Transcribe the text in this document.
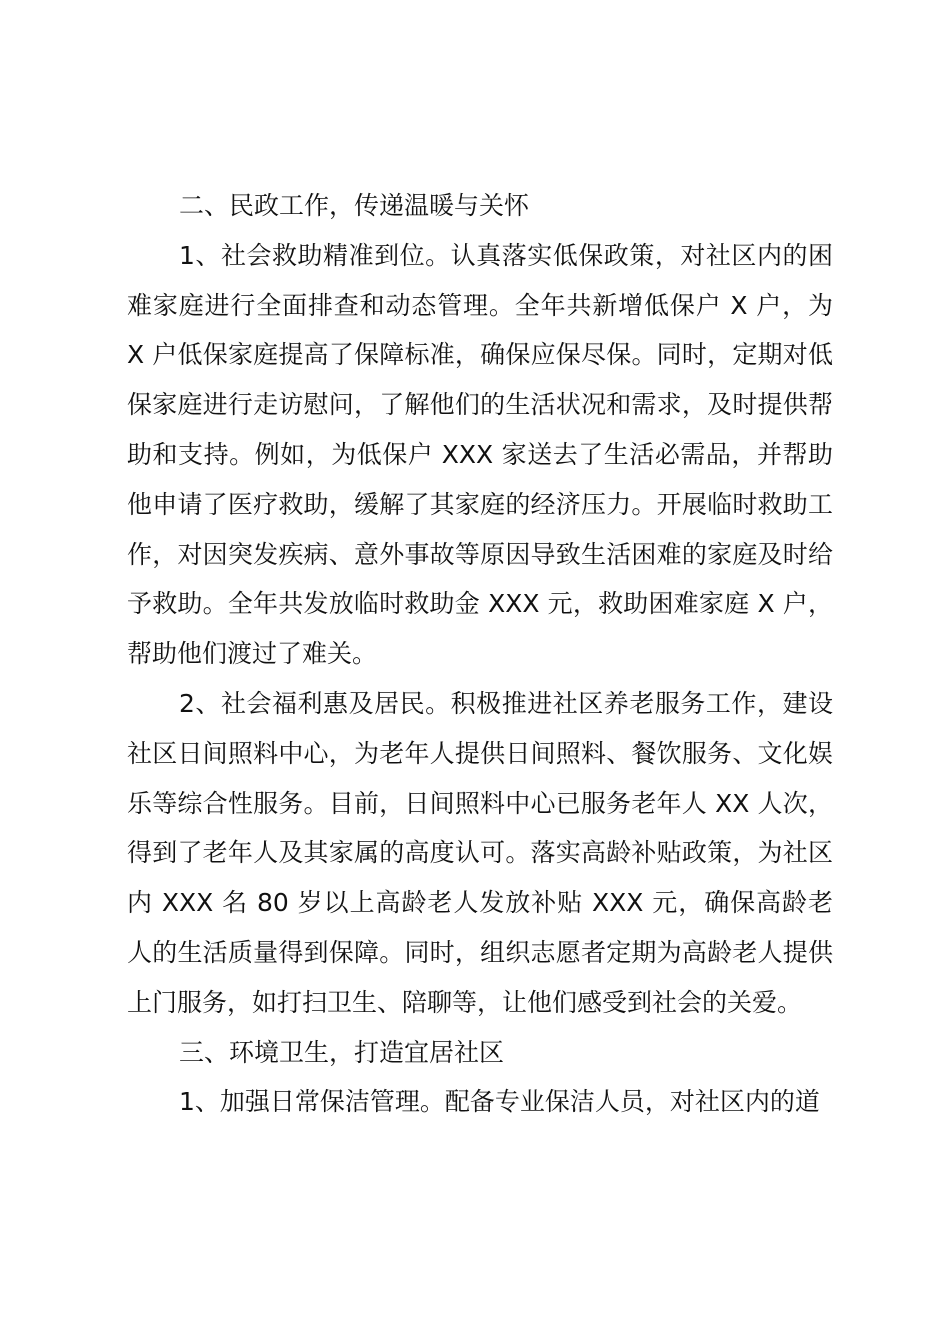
二、民政工作，传递温暖与关怀

1、社会救助精准到位。认真落实低保政策，对社区内的困难家庭进行全面排查和动态管理。全年共新增低保户 X 户，为 X 户低保家庭提高了保障标准，确保应保尽保。同时，定期对低保家庭进行走访慰问，了解他们的生活状况和需求，及时提供帮助和支持。例如，为低保户 XXX 家送去了生活必需品，并帮助他申请了医疗救助，缓解了其家庭的经济压力。开展临时救助工作，对因突发疾病、意外事故等原因导致生活困难的家庭及时给予救助。全年共发放临时救助金 XXX 元，救助困难家庭 X 户，帮助他们渡过了难关。

2、社会福利惠及居民。积极推进社区养老服务工作，建设社区日间照料中心，为老年人提供日间照料、餐饮服务、文化娱乐等综合性服务。目前，日间照料中心已服务老年人 XX 人次，得到了老年人及其家属的高度认可。落实高龄补贴政策，为社区内 XXX 名 80 岁以上高龄老人发放补贴 XXX 元，确保高龄老人的生活质量得到保障。同时，组织志愿者定期为高龄老人提供上门服务，如打扫卫生、陪聊等，让他们感受到社会的关爱。

三、环境卫生，打造宜居社区

1、加强日常保洁管理。配备专业保洁人员，对社区内的道
